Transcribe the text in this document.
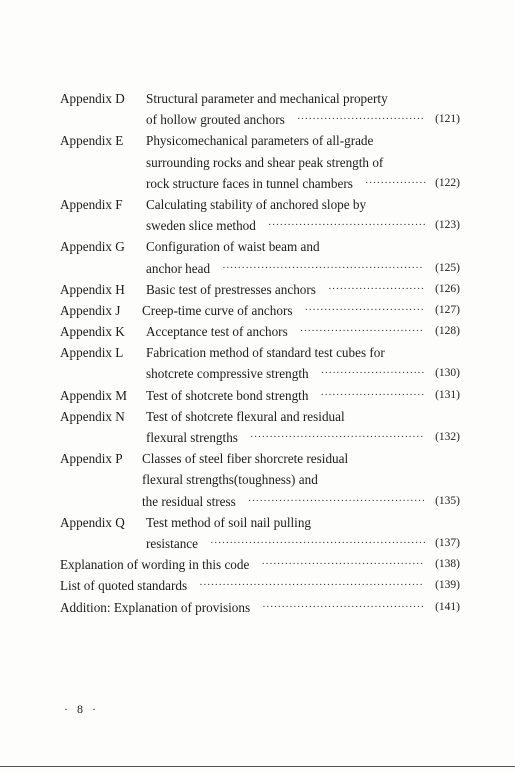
Appendix D Structural parameter and mechanical property
of hollow grouted anchors ································· (121)
Appendix E Physicomechanical parameters of all-grade
surrounding rocks and shear peak strength of
rock structure faces in tunnel chambers ················ (122)
Appendix F Calculating stability of anchored slope by
sweden slice method ········································· (123)
Appendix G Configuration of waist beam and
anchor head ···················································· (125)
Appendix H Basic test of prestresses anchors ························· (126)
Appendix J Creep-time curve of anchors ······························· (127)
Appendix K Acceptance test of anchors ································ (128)
Appendix L Fabrication method of standard test cubes for
shotcrete compressive strength ··························· (130)
Appendix M Test of shotcrete bond strength ··························· (131)
Appendix N Test of shotcrete flexural and residual
flexural strengths ············································· (132)
Appendix P Classes of steel fiber shorcrete residual
flexural strengths(toughness) and
the residual stress ·············································· (135)
Appendix Q Test method of soil nail pulling
resistance ························································ (137)
Explanation of wording in this code ·········································· (138)
List of quoted standards ·························································· (139)
Addition: Explanation of provisions ·········································· (141)
· 8 ·
